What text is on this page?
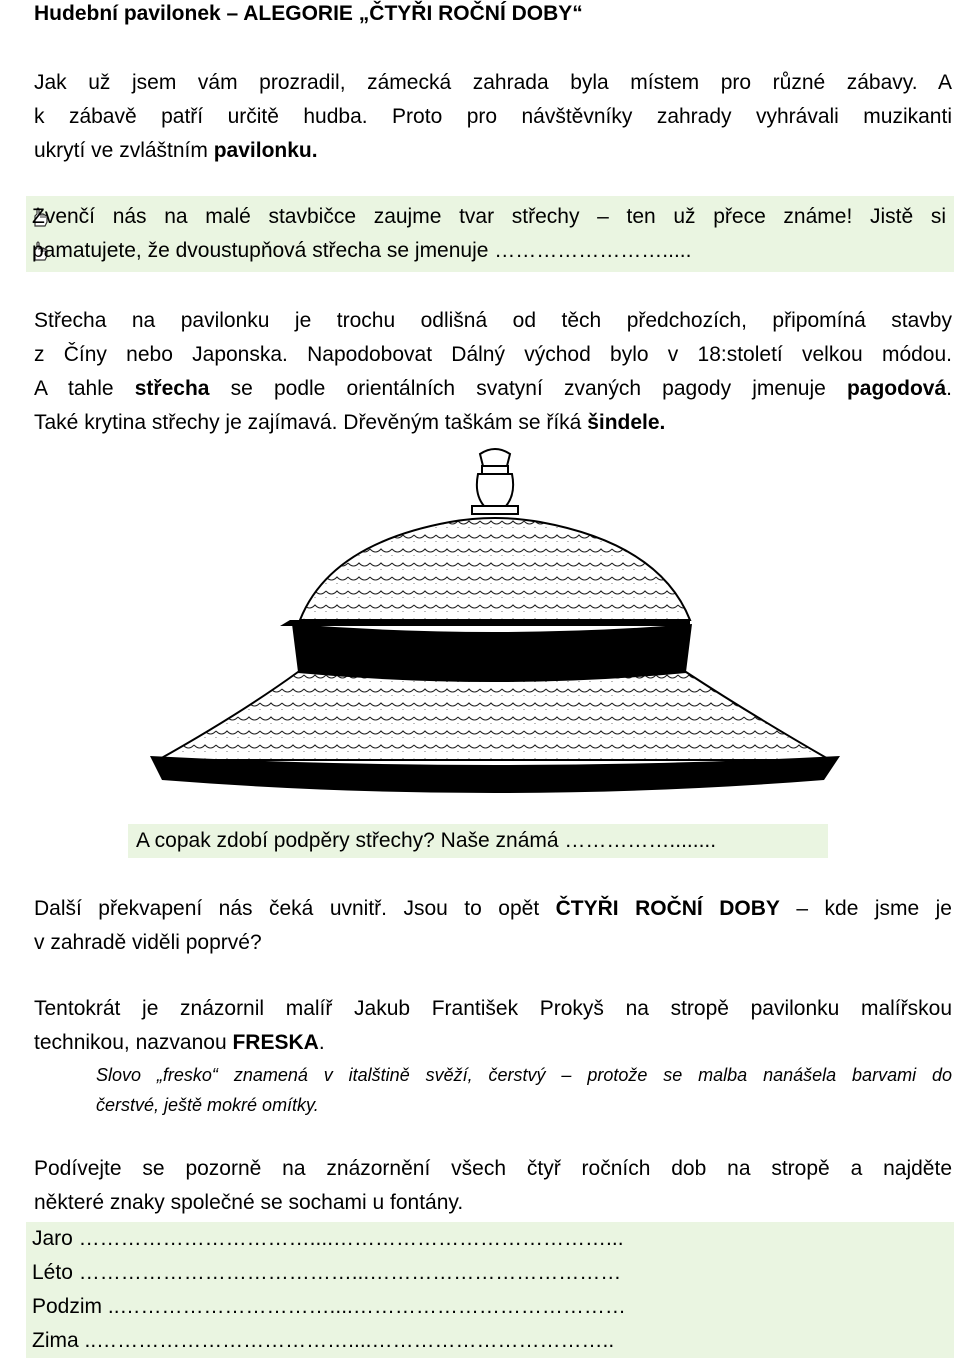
Hudební pavilonek – ALEGORIE „ČTYŘI ROČNÍ DOBY“

Jak už jsem vám prozradil, zámecká zahrada byla místem pro různé zábavy. A
k zábavě patří určitě hudba. Proto pro návštěvníky zahrady vyhrávali muzikanti
ukrytí ve zvláštním pavilonku.

Zvenčí nás na malé stavbičce zaujme tvar střechy – ten už přece známe! Jistě si
pamatujete, že dvoustupňová střecha se jmenuje …………………….....

Střecha na pavilonku je trochu odlišná od těch předchozích, připomíná stavby
z Číny nebo Japonska. Napodobovat Dálný východ bylo v 18:století velkou módou.
A tahle střecha se podle orientálních svatyní zvaných pagody jmenuje pagodová.
Také krytina střechy je zajímavá. Dřevěným taškám se říká šindele.

A copak zdobí podpěry střechy? Naše známá ……………........

Další překvapení nás čeká uvnitř. Jsou to opět ČTYŘI ROČNÍ DOBY – kde jsme je
v zahradě viděli poprvé?

Tentokrát je znázornil malíř Jakub František Prokyš na stropě pavilonku malířskou
technikou, nazvanou FRESKA.

Slovo „fresko“ znamená v italštině svěží, čerstvý – protože se malba nanášela barvami do
čerstvé, ještě mokré omítky.

Podívejte se pozorně na znázornění všech čtyř ročních dob na stropě a najděte
některé znaky společné se sochami u fontány.

Jaro ……………………………....…………………………………...
Léto …………………………………...………………………………
Podzim ..…………………………....…………………………………
Zima ..………………………………....……………………………..
